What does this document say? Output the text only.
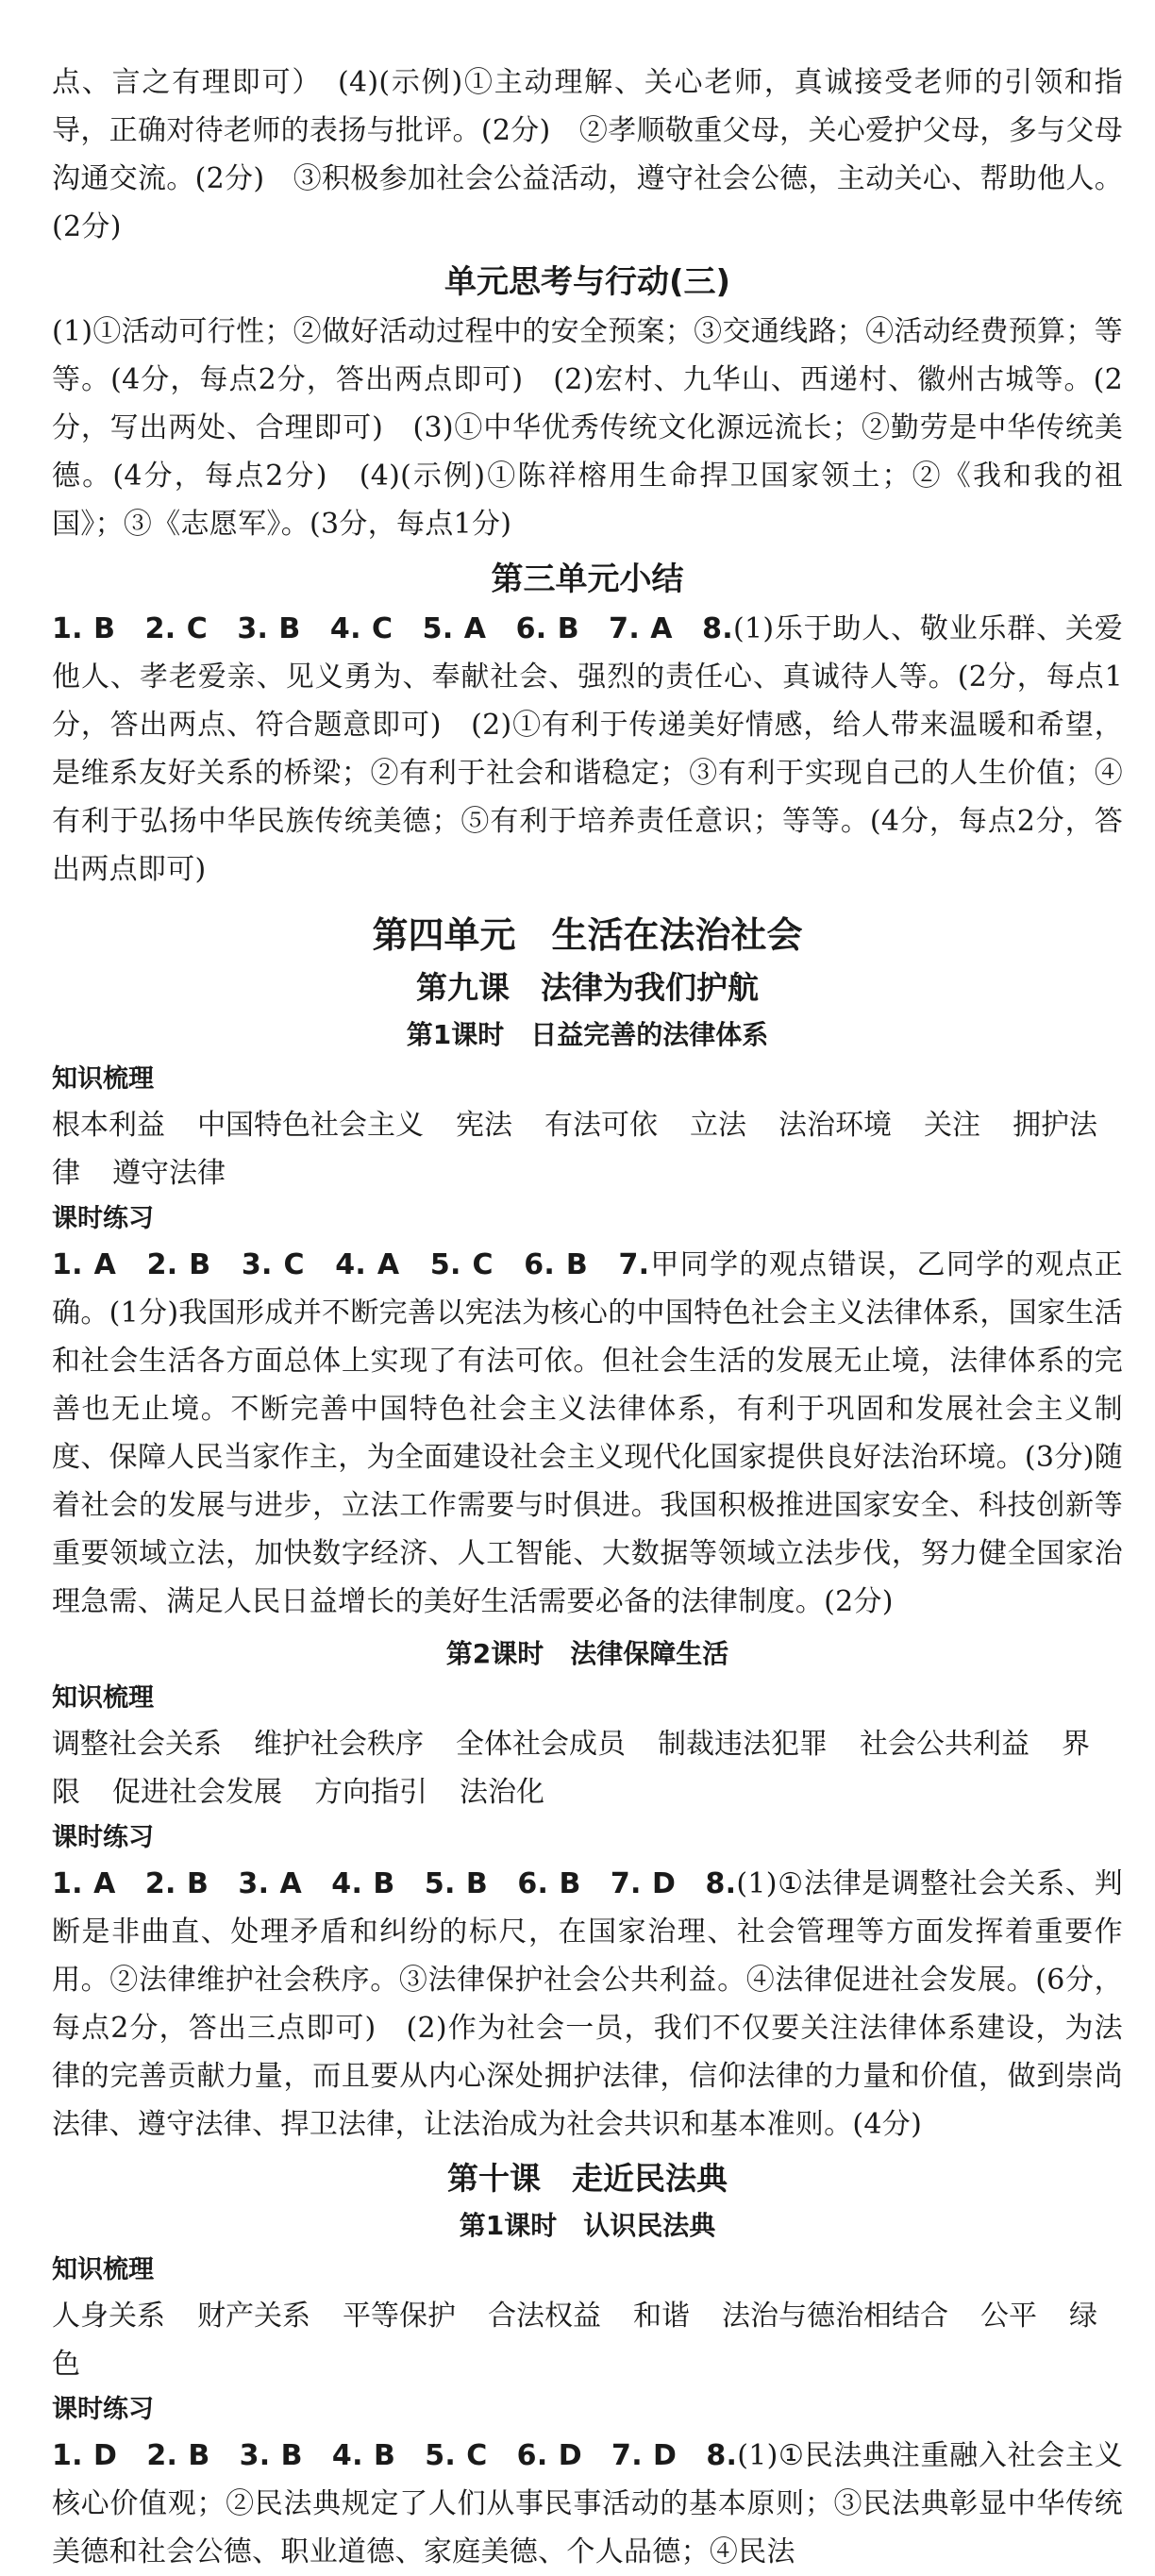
点、言之有理即可）　(4)(示例)①主动理解、关心老师，真诚接受老师的引领和指导，正确对待老师的表扬与批评。(2分)　②孝顺敬重父母，关心爱护父母，多与父母沟通交流。(2分)　③积极参加社会公益活动，遵守社会公德，主动关心、帮助他人。(2分)

单元思考与行动(三)

(1)①活动可行性；②做好活动过程中的安全预案；③交通线路；④活动经费预算；等等。(4分，每点2分，答出两点即可)　(2)宏村、九华山、西递村、徽州古城等。(2分，写出两处、合理即可)　(3)①中华优秀传统文化源远流长；②勤劳是中华传统美德。(4分，每点2分)　(4)(示例)①陈祥榕用生命捍卫国家领土；②《我和我的祖国》；③《志愿军》。(3分，每点1分)

第三单元小结

1. B　2. C　3. B　4. C　5. A　6. B　7. A　8.(1)乐于助人、敬业乐群、关爱他人、孝老爱亲、见义勇为、奉献社会、强烈的责任心、真诚待人等。(2分，每点1分，答出两点、符合题意即可)　(2)①有利于传递美好情感，给人带来温暖和希望，是维系友好关系的桥梁；②有利于社会和谐稳定；③有利于实现自己的人生价值；④有利于弘扬中华民族传统美德；⑤有利于培养责任意识；等等。(4分，每点2分，答出两点即可)

第四单元　生活在法治社会
第九课　法律为我们护航
第1课时　日益完善的法律体系

知识梳理

根本利益 中国特色社会主义 宪法 有法可依 立法 法治环境 关注 拥护法律 遵守法律

课时练习

1. A　2. B　3. C　4. A　5. C　6. B　7.甲同学的观点错误，乙同学的观点正确。(1分)我国形成并不断完善以宪法为核心的中国特色社会主义法律体系，国家生活和社会生活各方面总体上实现了有法可依。但社会生活的发展无止境，法律体系的完善也无止境。不断完善中国特色社会主义法律体系，有利于巩固和发展社会主义制度、保障人民当家作主，为全面建设社会主义现代化国家提供良好法治环境。(3分)随着社会的发展与进步，立法工作需要与时俱进。我国积极推进国家安全、科技创新等重要领域立法，加快数字经济、人工智能、大数据等领域立法步伐，努力健全国家治理急需、满足人民日益增长的美好生活需要必备的法律制度。(2分)

第2课时　法律保障生活

知识梳理

调整社会关系 维护社会秩序 全体社会成员 制裁违法犯罪 社会公共利益 界限 促进社会发展 方向指引 法治化

课时练习

1. A　2. B　3. A　4. B　5. B　6. B　7. D　8.(1)①法律是调整社会关系、判断是非曲直、处理矛盾和纠纷的标尺，在国家治理、社会管理等方面发挥着重要作用。②法律维护社会秩序。③法律保护社会公共利益。④法律促进社会发展。(6分，每点2分，答出三点即可)　(2)作为社会一员，我们不仅要关注法律体系建设，为法律的完善贡献力量，而且要从内心深处拥护法律，信仰法律的力量和价值，做到崇尚法律、遵守法律、捍卫法律，让法治成为社会共识和基本准则。(4分)

第十课　走近民法典
第1课时　认识民法典

知识梳理

人身关系 财产关系 平等保护 合法权益 和谐 法治与德治相结合 公平 绿色

课时练习

1. D　2. B　3. B　4. B　5. C　6. D　7. D　8.(1)①民法典注重融入社会主义核心价值观；②民法典规定了人们从事民事活动的基本原则；③民法典彰显中华传统美德和社会公德、职业道德、家庭美德、个人品德；④民法
